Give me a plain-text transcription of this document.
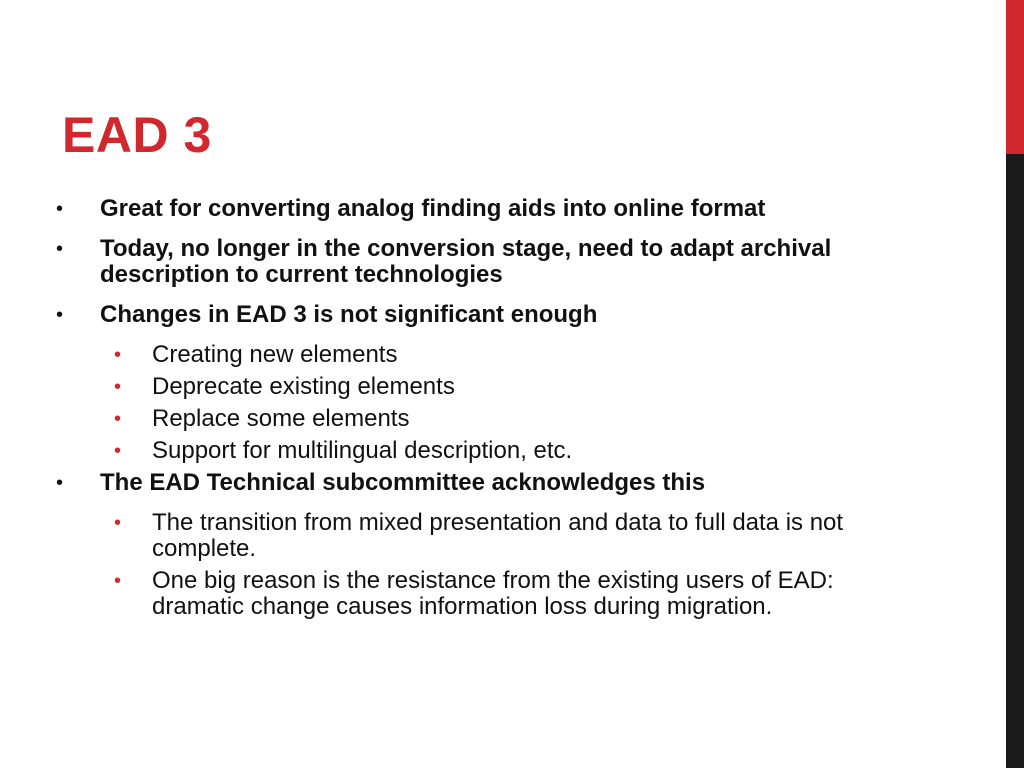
EAD 3
•	Great for converting analog finding aids into online format
•	Today, no longer in the conversion stage, need to adapt archival description to current technologies
•	Changes in EAD 3 is not significant enough
•	Creating new elements
•	Deprecate existing elements
•	Replace some elements
•	Support for multilingual description, etc.
•	The EAD Technical subcommittee acknowledges this
•	The transition from mixed presentation and data to full data is not complete.
•	One big reason is the resistance from the existing users of EAD: dramatic change causes information loss during migration.
